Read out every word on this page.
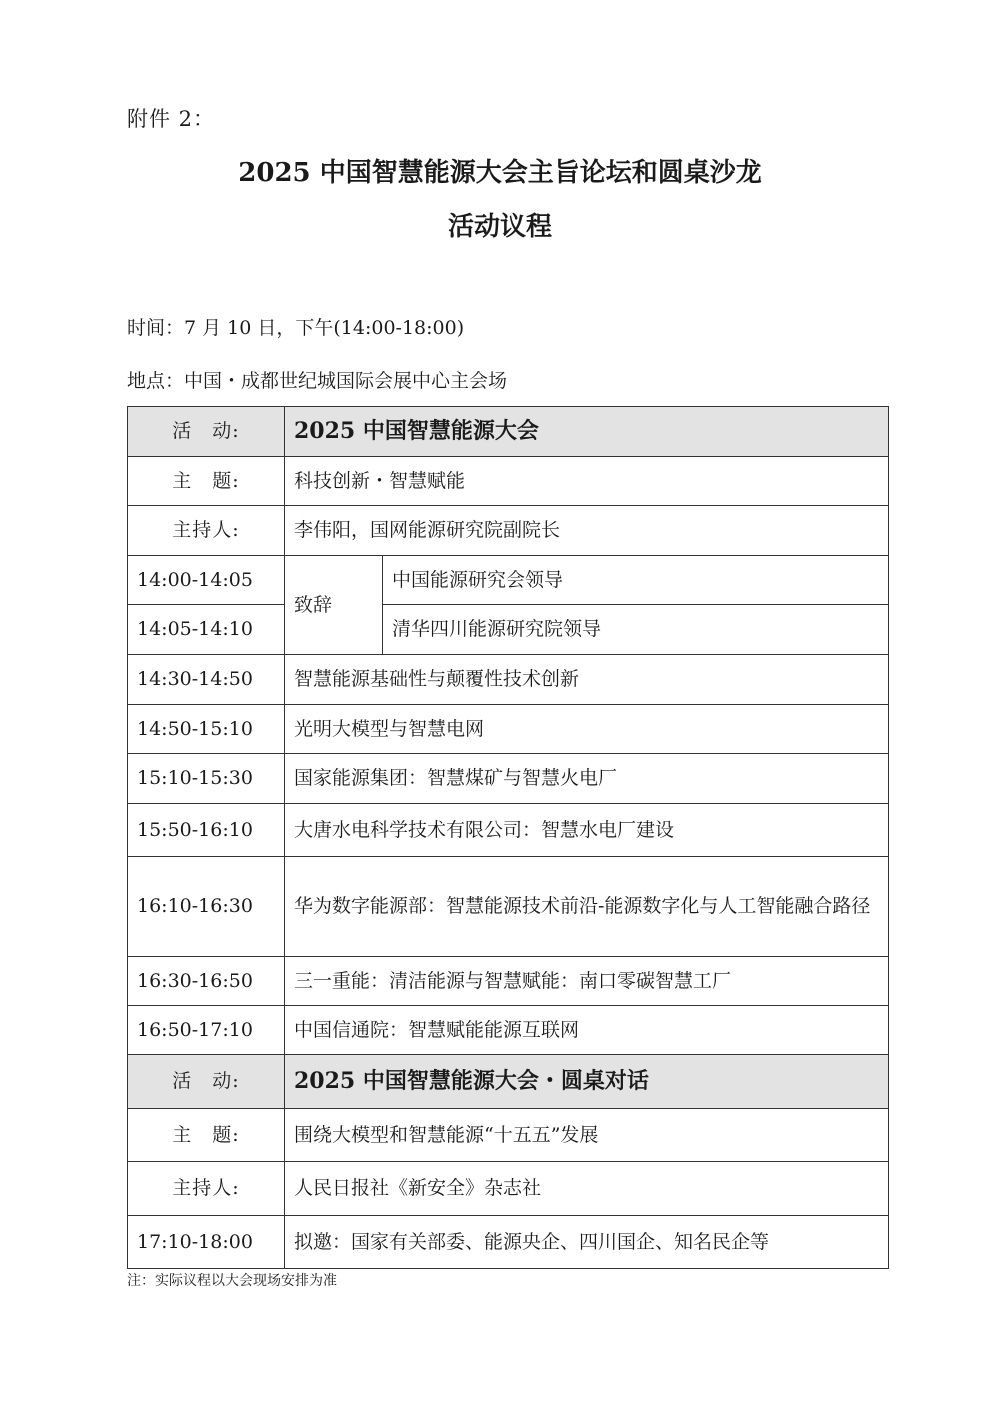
附件 2：
2025 中国智慧能源大会主旨论坛和圆桌沙龙
活动议程
时间：7 月 10 日，下午(14:00-18:00)
地点：中国・成都世纪城国际会展中心主会场
活　动:	2025 中国智慧能源大会	
主　题:	科技创新・智慧赋能	
主持人:	李伟阳，国网能源研究院副院长	
14:00-14:05	致辞	中国能源研究会领导
14:05-14:10		清华四川能源研究院领导
14:30-14:50	智慧能源基础性与颠覆性技术创新	
14:50-15:10	光明大模型与智慧电网	
15:10-15:30	国家能源集团：智慧煤矿与智慧火电厂	
15:50-16:10	大唐水电科学技术有限公司：智慧水电厂建设	
16:10-16:30	华为数字能源部：智慧能源技术前沿-能源数字化与人工智能融合路径	
16:30-16:50	三一重能：清洁能源与智慧赋能：南口零碳智慧工厂	
16:50-17:10	中国信通院：智慧赋能能源互联网	
活　动:	2025 中国智慧能源大会・圆桌对话	
主　题:	围绕大模型和智慧能源“十五五”发展	
主持人:	人民日报社《新安全》杂志社	
17:10-18:00	拟邀：国家有关部委、能源央企、四川国企、知名民企等	
注：实际议程以大会现场安排为准
